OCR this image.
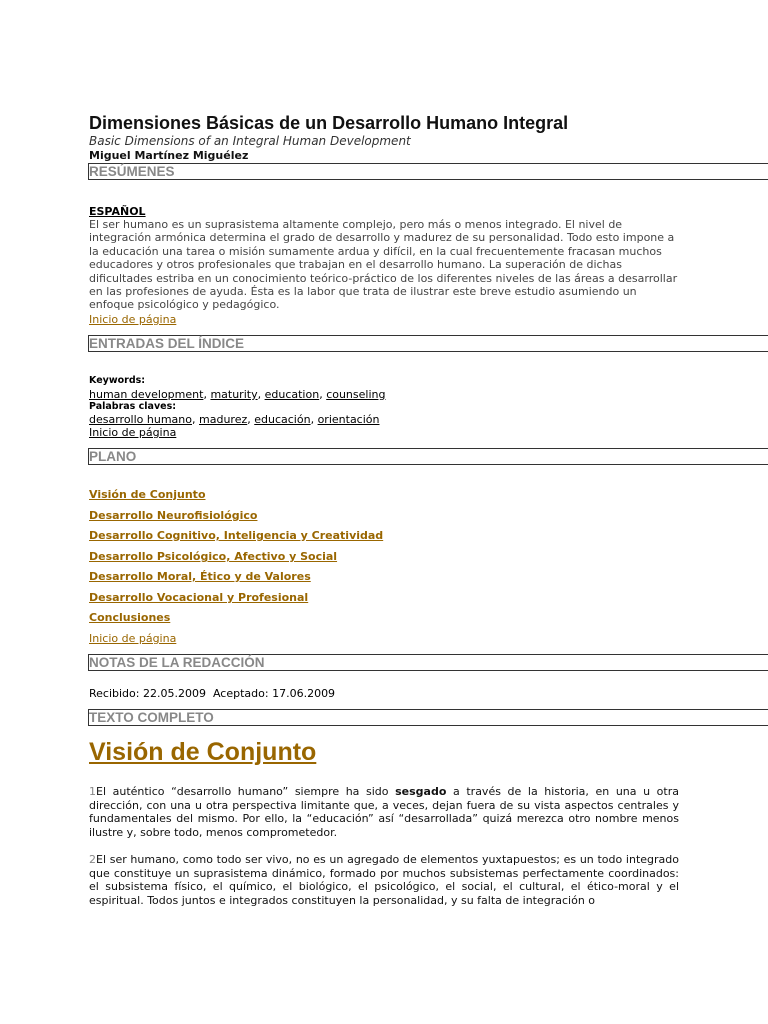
Dimensiones Básicas de un Desarrollo Humano Integral
Basic Dimensions of an Integral Human Development
Miguel Martínez Miguélez
ESPAÑOL
El ser humano es un suprasistema altamente complejo, pero más o menos integrado. El nivel de integración armónica determina el grado de desarrollo y madurez de su personalidad. Todo esto impone a la educación una tarea o misión sumamente ardua y difícil, en la cual frecuentemente fracasan muchos educadores y otros profesionales que trabajan en el desarrollo humano. La superación de dichas dificultades estriba en un conocimiento teórico-práctico de los diferentes niveles de las áreas a desarrollar en las profesiones de ayuda. Ésta es la labor que trata de ilustrar este breve estudio asumiendo un enfoque psicológico y pedagógico.
Inicio de página
Keywords:
human development, maturity, education, counseling
Palabras claves:
desarrollo humano, madurez, educación, orientación
Inicio de página
Visión de Conjunto
Desarrollo Neurofisiológico
Desarrollo Cognitivo, Inteligencia y Creatividad
Desarrollo Psicológico, Afectivo y Social
Desarrollo Moral, Ético y de Valores
Desarrollo Vocacional y Profesional
Conclusiones
Inicio de página
Recibido: 22.05.2009 Aceptado: 17.06.2009
Visión de Conjunto
1El auténtico “desarrollo humano” siempre ha sido sesgado a través de la historia, en una u otra dirección, con una u otra perspectiva limitante que, a veces, dejan fuera de su vista aspectos centrales y fundamentales del mismo. Por ello, la “educación” así “desarrollada” quizá merezca otro nombre menos ilustre y, sobre todo, menos comprometedor.
2El ser humano, como todo ser vivo, no es un agregado de elementos yuxtapuestos; es un todo integrado que constituye un suprasistema dinámico, formado por muchos subsistemas perfectamente coordinados: el subsistema físico, el químico, el biológico, el psicológico, el social, el cultural, el ético-moral y el espiritual. Todos juntos e integrados constituyen la personalidad, y su falta de integración o
RESÚMENES
ENTRADAS DEL ÍNDICE
PLANO
NOTAS DE LA REDACCIÓN
TEXTO COMPLETO
